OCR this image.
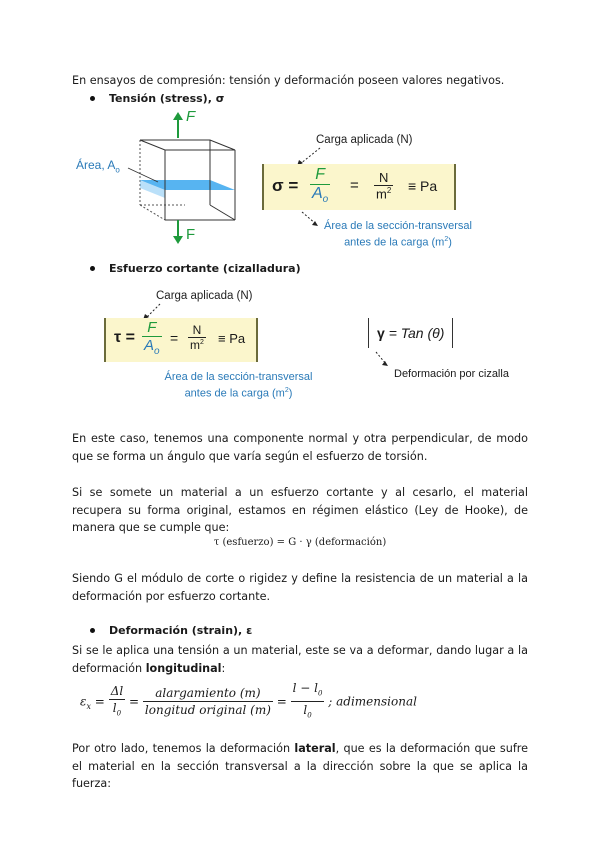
En ensayos de compresión: tensión y deformación poseen valores negativos.
Tensión (stress), σ
F
F
Área, $A_o$
Carga aplicada (N)
$\sigma = \frac{F}{A_o} = \frac{N}{m^2} \equiv Pa$
Área de la sección-transversal
antes de la carga $(m^2)$
Esfuerzo cortante (cizalladura)
Carga aplicada (N)
$\tau = \frac{F}{A_o} = \frac{N}{m^2} \equiv Pa$
Área de la sección-transversal
antes de la carga $(m^2)$
γ = Tan (θ)
Deformación por cizalla
En este caso, tenemos una componente normal y otra perpendicular, de modo que se forma un ángulo que varía según el esfuerzo de torsión.
Si se somete un material a un esfuerzo cortante y al cesarlo, el material recupera su forma original, estamos en régimen elástico (Ley de Hooke), de manera que se cumple que:
τ (esfuerzo) = G · γ (deformación)
Siendo G el módulo de corte o rigidez y define la resistencia de un material a la deformación por esfuerzo cortante.
Deformación (strain), ε
Si se le aplica una tensión a un material, este se va a deformar, dando lugar a la deformación longitudinal:
$\varepsilon_x = \frac{\Delta l}{l_0} = \frac{\text{alargamiento (m)}}{\text{longitud original (m)}} = \frac{l - l_0}{l_0}$ ; adimensional
Por otro lado, tenemos la deformación lateral, que es la deformación que sufre el material en la sección transversal a la dirección sobre la que se aplica la fuerza:
